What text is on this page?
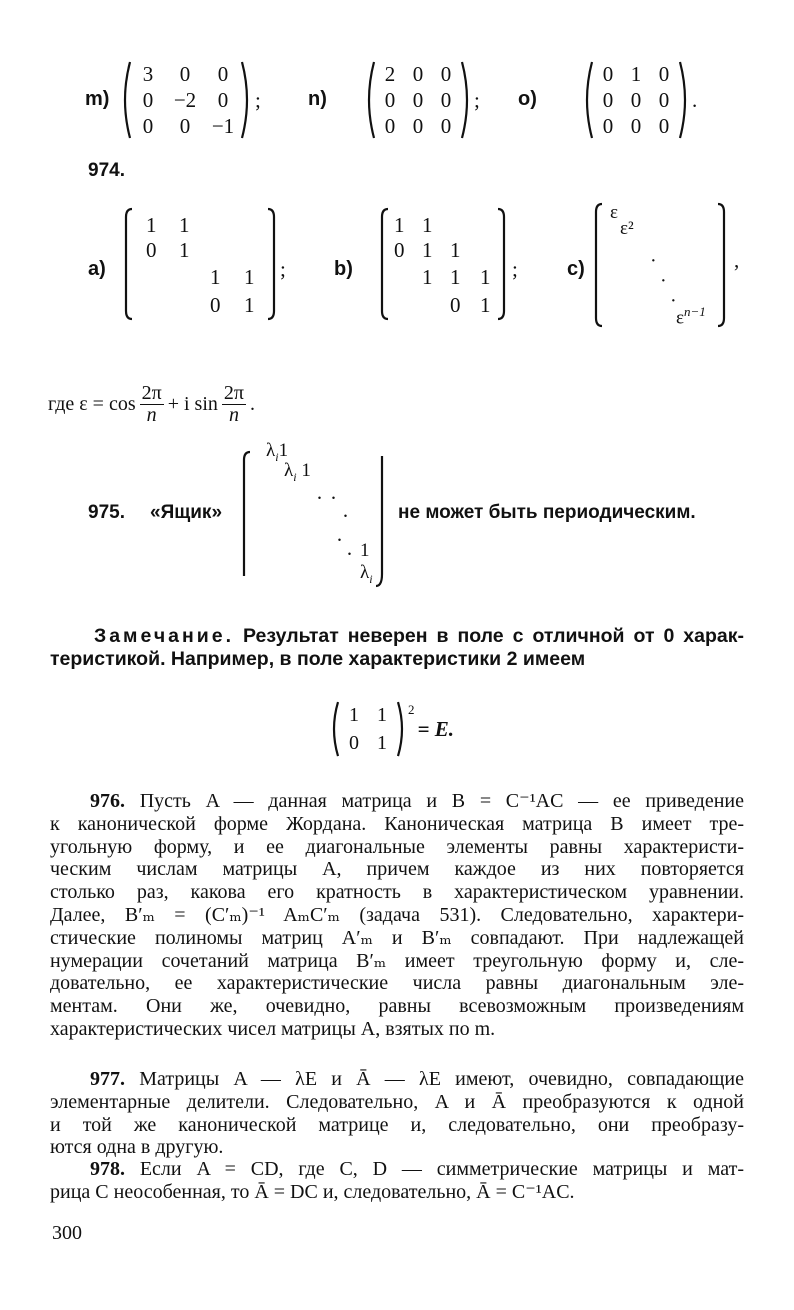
m)
3 0 0
0 −2 0
0 0 −1
; n)
2 0 0
0 0 0
0 0 0
; o)
0 1 0
0 0 0
0 0 0
.
974.
a)
1 1
0 1
1 1
0 1
; b)
1 1
0 1 1
1 1 1
0 1
; c)
ε
ε²
·
·
·
$\varepsilon^{n-1}$
,
где $\varepsilon = \cos \frac{2\pi}{n} + i$ $\sin \frac{2\pi}{n}$ .
975. «Ящик»
$\lambda_i1$
$\lambda_i$ 1
· ·
·
·
· 1
$\lambda_i$
не может быть периодическим.
Замечание. Результат неверен в поле с отличной от 0 харак-
теристикой. Например, в поле характеристики 2 имеем
1 1
0 1
$^2$
= E.
976. Пусть A — данная матрица и B = C⁻¹AC — ее приведение
к канонической форме Жордана. Каноническая матрица B имеет тре-
угольную форму, и ее диагональные элементы равны характеристи-
ческим числам матрицы A, причем каждое из них повторяется
столько раз, какова его кратность в характеристическом уравнении.
Далее, B′ₘ = (C′ₘ)⁻¹ AₘC′ₘ (задача 531). Следовательно, характери-
стические полиномы матриц A′ₘ и B′ₘ совпадают. При надлежащей
нумерации сочетаний матрица B′ₘ имеет треугольную форму и, сле-
довательно, ее характеристические числа равны диагональным эле-
ментам. Они же, очевидно, равны всевозможным произведениям
характеристических чисел матрицы A, взятых по m.
977. Матрицы A — λE и Ā — λE имеют, очевидно, совпадающие
элементарные делители. Следовательно, A и Ā преобразуются к одной
и той же канонической матрице и, следовательно, они преобразу-
ются одна в другую.
978. Если A = CD, где C, D — симметрические матрицы и мат-
рица C неособенная, то Ā = DC и, следовательно, Ā = C⁻¹AC.
300
